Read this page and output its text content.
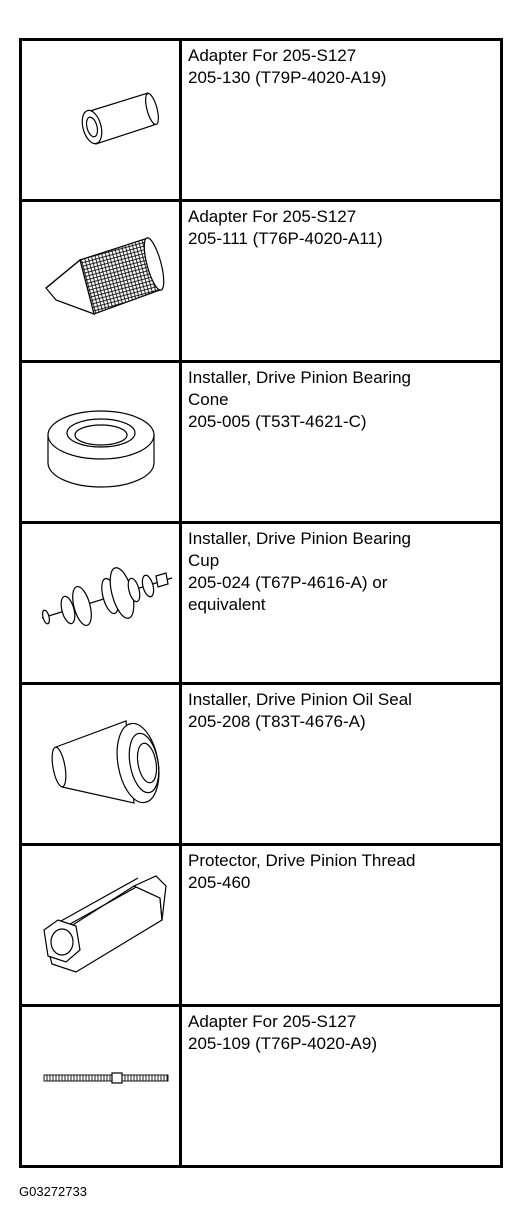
Adapter For 205-S127
205-130 (T79P-4020-A19)

Adapter For 205-S127
205-111 (T76P-4020-A11)

Installer, Drive Pinion Bearing
Cone
205-005 (T53T-4621-C)

Installer, Drive Pinion Bearing
Cup
205-024 (T67P-4616-A) or
equivalent

Installer, Drive Pinion Oil Seal
205-208 (T83T-4676-A)

Protector, Drive Pinion Thread
205-460

Adapter For 205-S127
205-109 (T76P-4020-A9)
G03272733
